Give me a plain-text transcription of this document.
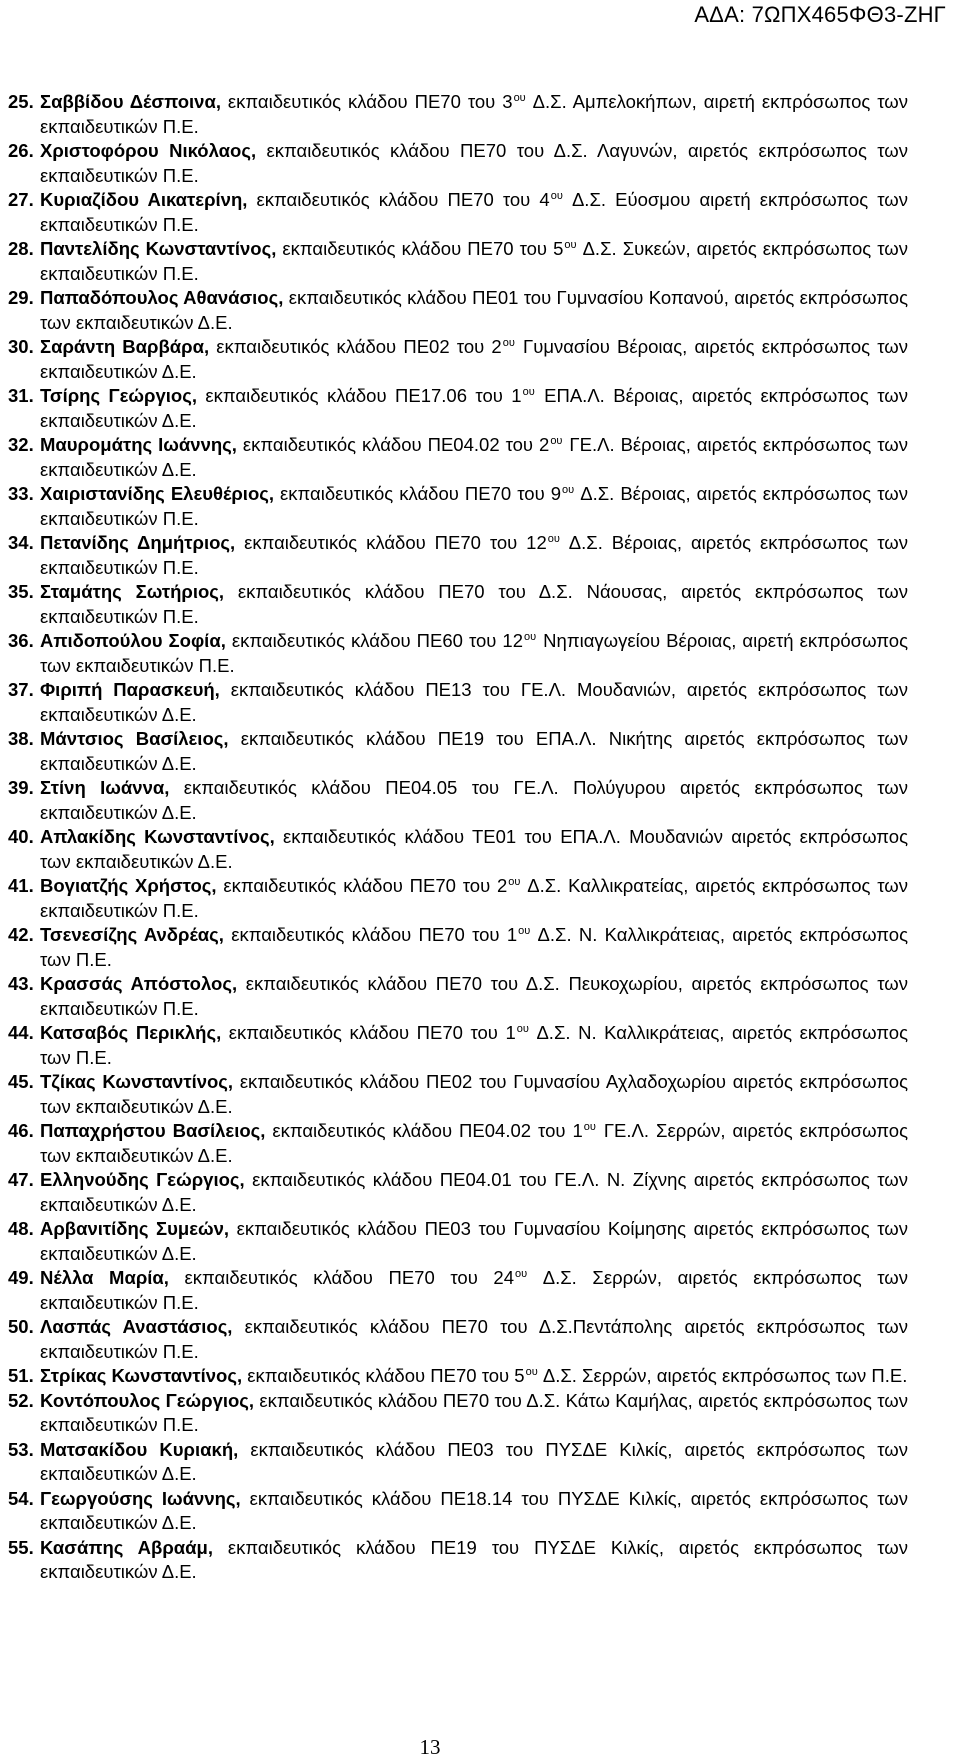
ΑΔΑ: 7ΩΠΧ465ΦΘ3-ΖΗΓ
25. Σαββίδου Δέσποινα, εκπαιδευτικός κλάδου ΠΕ70 του $3^{o\upsilon}$ Δ.Σ. Αμπελοκήπων, αιρετή εκπρόσωπος των εκπαιδευτικών Π.Ε.
26. Χριστοφόρου Νικόλαος, εκπαιδευτικός κλάδου ΠΕ70 του Δ.Σ. Λαγυνών, αιρετός εκπρόσωπος των εκπαιδευτικών Π.Ε.
27. Κυριαζίδου Αικατερίνη, εκπαιδευτικός κλάδου ΠΕ70 του $4^{o\upsilon}$ Δ.Σ. Εύοσμου αιρετή εκπρόσωπος των εκπαιδευτικών Π.Ε.
28. Παντελίδης Κωνσταντίνος, εκπαιδευτικός κλάδου ΠΕ70 του $5^{o\upsilon}$ Δ.Σ. Συκεών, αιρετός εκπρόσωπος των εκπαιδευτικών Π.Ε.
29. Παπαδόπουλος Αθανάσιος, εκπαιδευτικός κλάδου ΠΕ01 του Γυμνασίου Κοπανού, αιρετός εκπρόσωπος των εκπαιδευτικών Δ.Ε.
30. Σαράντη Βαρβάρα, εκπαιδευτικός κλάδου ΠΕ02 του $2^{o\upsilon}$ Γυμνασίου Βέροιας, αιρετός εκπρόσωπος των εκπαιδευτικών Δ.Ε.
31. Τσίρης Γεώργιος, εκπαιδευτικός κλάδου ΠΕ17.06 του $1^{o\upsilon}$ ΕΠΑ.Λ. Βέροιας, αιρετός εκπρόσωπος των εκπαιδευτικών Δ.Ε.
32. Μαυρομάτης Ιωάννης, εκπαιδευτικός κλάδου ΠΕ04.02 του $2^{o\upsilon}$ ΓΕ.Λ. Βέροιας, αιρετός εκπρόσωπος των εκπαιδευτικών Δ.Ε.
33. Χαιριστανίδης Ελευθέριος, εκπαιδευτικός κλάδου ΠΕ70 του $9^{o\upsilon}$ Δ.Σ. Βέροιας, αιρετός εκπρόσωπος των εκπαιδευτικών Π.Ε.
34. Πετανίδης Δημήτριος, εκπαιδευτικός κλάδου ΠΕ70 του $12^{o\upsilon}$ Δ.Σ. Βέροιας, αιρετός εκπρόσωπος των εκπαιδευτικών Π.Ε.
35. Σταμάτης Σωτήριος, εκπαιδευτικός κλάδου ΠΕ70 του Δ.Σ. Νάουσας, αιρετός εκπρόσωπος των εκπαιδευτικών Π.Ε.
36. Απιδοπούλου Σοφία, εκπαιδευτικός κλάδου ΠΕ60 του $12^{o\upsilon}$ Νηπιαγωγείου Βέροιας, αιρετή εκπρόσωπος των εκπαιδευτικών Π.Ε.
37. Φιριπή Παρασκευή, εκπαιδευτικός κλάδου ΠΕ13 του ΓΕ.Λ. Μουδανιών, αιρετός εκπρόσωπος των εκπαιδευτικών Δ.Ε.
38. Μάντσιος Βασίλειος, εκπαιδευτικός κλάδου ΠΕ19 του ΕΠΑ.Λ. Νικήτης αιρετός εκπρόσωπος των εκπαιδευτικών Δ.Ε.
39. Στίνη Ιωάννα, εκπαιδευτικός κλάδου ΠΕ04.05 του ΓΕ.Λ. Πολύγυρου αιρετός εκπρόσωπος των εκπαιδευτικών Δ.Ε.
40. Απλακίδης Κωνσταντίνος, εκπαιδευτικός κλάδου ΤΕ01 του ΕΠΑ.Λ. Μουδανιών αιρετός εκπρόσωπος των εκπαιδευτικών Δ.Ε.
41. Βογιατζής Χρήστος, εκπαιδευτικός κλάδου ΠΕ70 του $2^{o\upsilon}$ Δ.Σ. Καλλικρατείας, αιρετός εκπρόσωπος των εκπαιδευτικών Π.Ε.
42. Τσενεσίζης Ανδρέας, εκπαιδευτικός κλάδου ΠΕ70 του $1^{o\upsilon}$ Δ.Σ. Ν. Καλλικράτειας, αιρετός εκπρόσωπος των Π.Ε.
43. Κρασσάς Απόστολος, εκπαιδευτικός κλάδου ΠΕ70 του Δ.Σ. Πευκοχωρίου, αιρετός εκπρόσωπος των εκπαιδευτικών Π.Ε.
44. Κατσαβός Περικλής, εκπαιδευτικός κλάδου ΠΕ70 του $1^{o\upsilon}$ Δ.Σ. Ν. Καλλικράτειας, αιρετός εκπρόσωπος των Π.Ε.
45. Τζίκας Κωνσταντίνος, εκπαιδευτικός κλάδου ΠΕ02 του Γυμνασίου Αχλαδοχωρίου αιρετός εκπρόσωπος των εκπαιδευτικών Δ.Ε.
46. Παπαχρήστου Βασίλειος, εκπαιδευτικός κλάδου ΠΕ04.02 του $1^{o\upsilon}$ ΓΕ.Λ. Σερρών, αιρετός εκπρόσωπος των εκπαιδευτικών Δ.Ε.
47. Ελληνούδης Γεώργιος, εκπαιδευτικός κλάδου ΠΕ04.01 του ΓΕ.Λ. Ν. Ζίχνης αιρετός εκπρόσωπος των εκπαιδευτικών Δ.Ε.
48. Αρβανιτίδης Συμεών, εκπαιδευτικός κλάδου ΠΕ03 του Γυμνασίου Κοίμησης αιρετός εκπρόσωπος των εκπαιδευτικών Δ.Ε.
49. Νέλλα Μαρία, εκπαιδευτικός κλάδου ΠΕ70 του $24^{o\upsilon}$ Δ.Σ. Σερρών, αιρετός εκπρόσωπος των εκπαιδευτικών Π.Ε.
50. Λασπάς Αναστάσιος, εκπαιδευτικός κλάδου ΠΕ70 του Δ.Σ.Πεντάπολης αιρετός εκπρόσωπος των εκπαιδευτικών Π.Ε.
51. Στρίκας Κωνσταντίνος, εκπαιδευτικός κλάδου ΠΕ70 του $5^{o\upsilon}$ Δ.Σ. Σερρών, αιρετός εκπρόσωπος των Π.Ε.
52. Κοντόπουλος Γεώργιος, εκπαιδευτικός κλάδου ΠΕ70 του Δ.Σ. Κάτω Καμήλας, αιρετός εκπρόσωπος των εκπαιδευτικών Π.Ε.
53. Ματσακίδου Κυριακή, εκπαιδευτικός κλάδου ΠΕ03 του ΠΥΣΔΕ Κιλκίς, αιρετός εκπρόσωπος των εκπαιδευτικών Δ.Ε.
54. Γεωργούσης Ιωάννης, εκπαιδευτικός κλάδου ΠΕ18.14 του ΠΥΣΔΕ Κιλκίς, αιρετός εκπρόσωπος των εκπαιδευτικών Δ.Ε.
55. Κασάπης Αβραάμ, εκπαιδευτικός κλάδου ΠΕ19 του ΠΥΣΔΕ Κιλκίς, αιρετός εκπρόσωπος των εκπαιδευτικών Δ.Ε.
13
